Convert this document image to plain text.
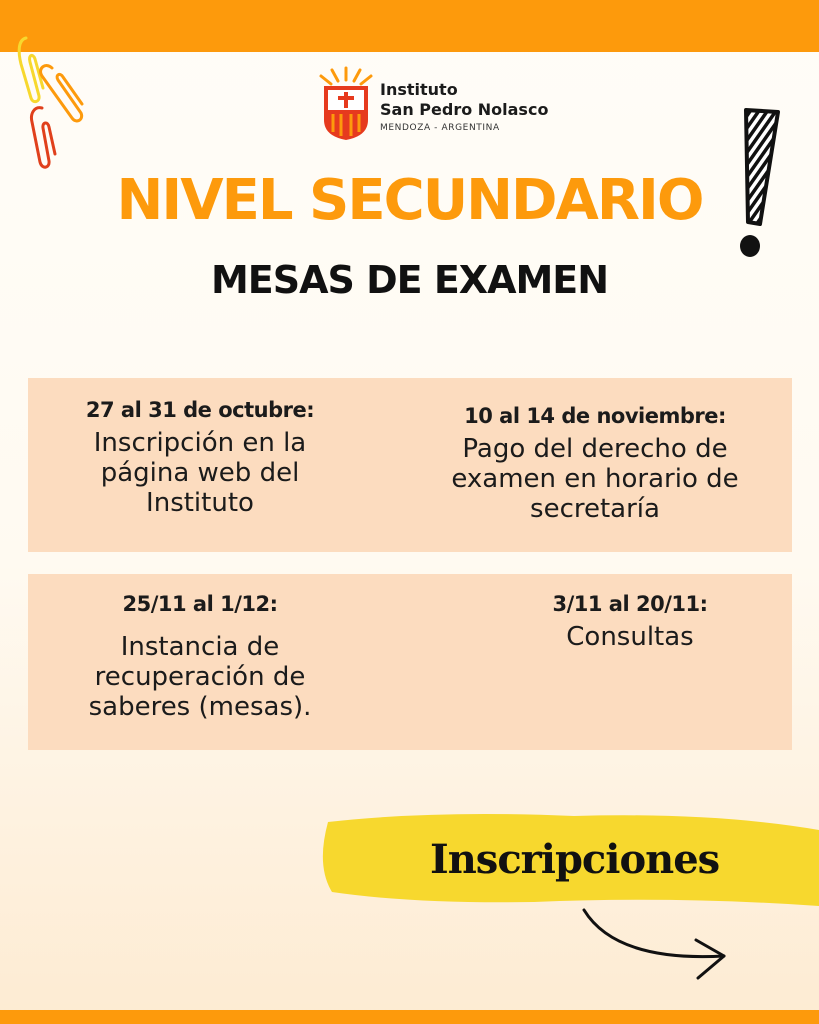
Instituto
San Pedro Nolasco
MENDOZA - ARGENTINA
NIVEL SECUNDARIO
MESAS DE EXAMEN
27 al 31 de octubre:
Inscripción en la página web del Instituto
10 al 14 de noviembre:
Pago del derecho de examen en horario de secretaría
25/11 al 1/12:
Instancia de recuperación de saberes (mesas).
3/11 al 20/11:
Consultas
Inscripciones
